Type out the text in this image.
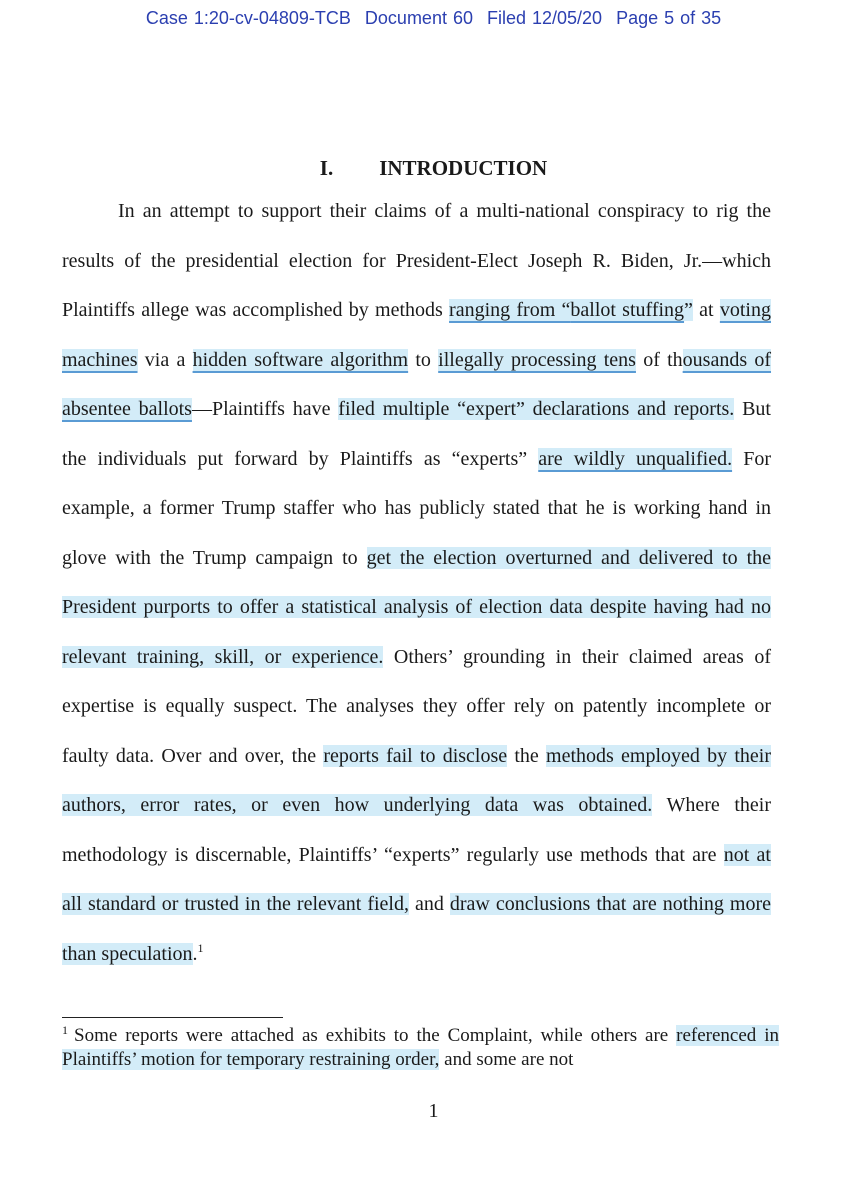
Case 1:20-cv-04809-TCB Document 60 Filed 12/05/20 Page 5 of 35
I. INTRODUCTION

In an attempt to support their claims of a multi-national conspiracy to rig the results of the presidential election for President-Elect Joseph R. Biden, Jr.—which Plaintiffs allege was accomplished by methods ranging from “ballot stuffing” at voting machines via a hidden software algorithm to illegally processing tens of thousands of absentee ballots—Plaintiffs have filed multiple “expert” declarations and reports. But the individuals put forward by Plaintiffs as “experts” are wildly unqualified. For example, a former Trump staffer who has publicly stated that he is working hand in glove with the Trump campaign to get the election overturned and delivered to the President purports to offer a statistical analysis of election data despite having had no relevant training, skill, or experience. Others’ grounding in their claimed areas of expertise is equally suspect. The analyses they offer rely on patently incomplete or faulty data. Over and over, the reports fail to disclose the methods employed by their authors, error rates, or even how underlying data was obtained. Where their methodology is discernable, Plaintiffs’ “experts” regularly use methods that are not at all standard or trusted in the relevant field, and draw conclusions that are nothing more than speculation.$^1$

$^1$ Some reports were attached as exhibits to the Complaint, while others are referenced in Plaintiffs’ motion for temporary restraining order, and some are not
1
